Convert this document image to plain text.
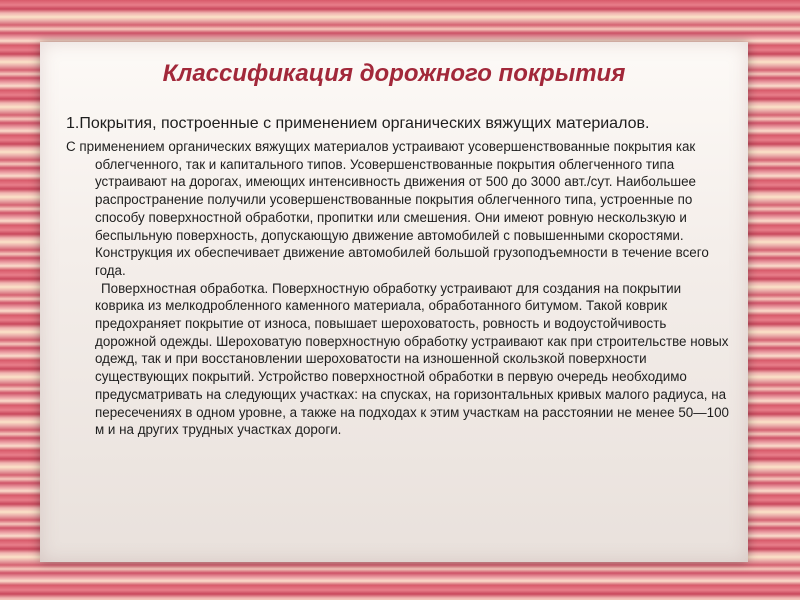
Классификация дорожного покрытия

1.Покрытия, построенные с применением органических вяжущих материалов.

С применением органических вяжущих материалов устраивают усовершенствованные покрытия как облегченного, так и капитального типов. Усовершенствованные покрытия облегченного типа устраивают на дорогах, имеющих интенсивность движения от 500 до 3000 авт./сут. Наибольшее распространение получили усовершенствованные покрытия облегченного типа, устроенные по способу поверхностной обработки, пропитки или смешения. Они имеют ровную нескользкую и беспыльную поверхность, допускающую движение автомобилей с повышенными скоростями. Конструкция их обеспечивает движение автомобилей большой грузоподъемности в течение всего года.

Поверхностная обработка. Поверхностную обработку устраивают для создания на покрытии коврика из мелкодробленного каменного материала, обработанного битумом. Такой коврик предохраняет покрытие от износа, повышает шероховатость, ровность и водоустойчивость дорожной одежды. Шероховатую поверхностную обработку устраивают как при строительстве новых одежд, так и при восстановлении шероховатости на изношенной скользкой поверхности существующих покрытий. Устройство поверхностной обработки в первую очередь необходимо предусматривать на следующих участках: на спусках, на горизонтальных кривых малого радиуса, на пересечениях в одном уровне, а также на подходах к этим участкам на расстоянии не менее 50—100 м и на других трудных участках дороги.
